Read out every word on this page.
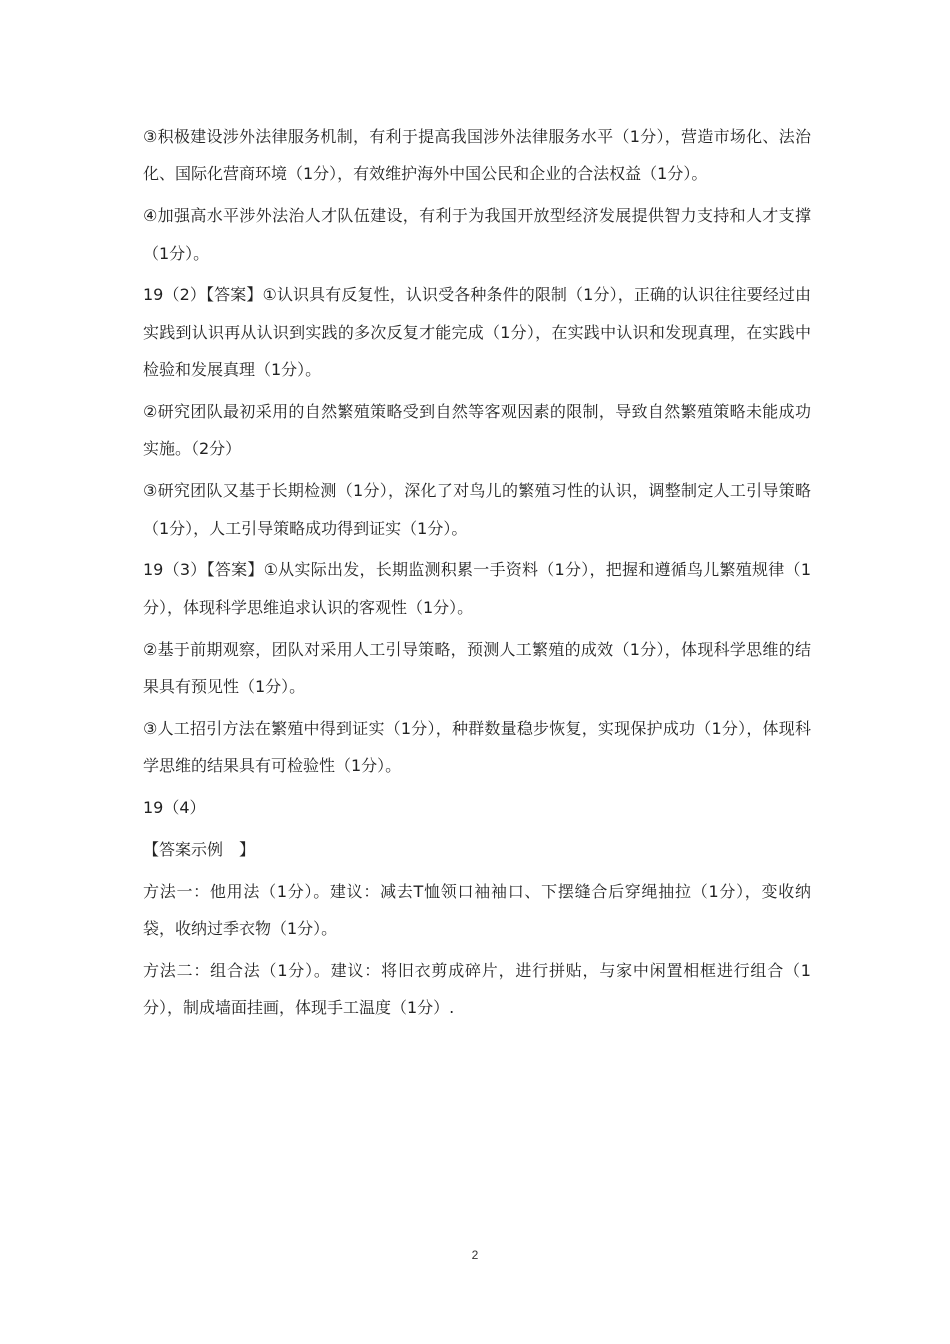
③积极建设涉外法律服务机制，有利于提高我国涉外法律服务水平（1分），营造市场化、法治化、国际化营商环境（1分），有效维护海外中国公民和企业的合法权益（1分）。

④加强高水平涉外法治人才队伍建设，有利于为我国开放型经济发展提供智力支持和人才支撑（1分）。

19（2）【答案】①认识具有反复性，认识受各种条件的限制（1分），正确的认识往往要经过由实践到认识再从认识到实践的多次反复才能完成（1分），在实践中认识和发现真理，在实践中检验和发展真理（1分）。

②研究团队最初采用的自然繁殖策略受到自然等客观因素的限制，导致自然繁殖策略未能成功实施。（2分）

③研究团队又基于长期检测（1分），深化了对鸟儿的繁殖习性的认识，调整制定人工引导策略（1分），人工引导策略成功得到证实（1分）。

19（3）【答案】①从实际出发，长期监测积累一手资料（1分），把握和遵循鸟儿繁殖规律（1分），体现科学思维追求认识的客观性（1分）。

②基于前期观察，团队对采用人工引导策略，预测人工繁殖的成效（1分），体现科学思维的结果具有预见性（1分）。

③人工招引方法在繁殖中得到证实（1分），种群数量稳步恢复，实现保护成功（1分），体现科学思维的结果具有可检验性（1分）。

19（4）

【答案示例　】

方法一：他用法（1分）。建议：减去T恤领口袖袖口、下摆缝合后穿绳抽拉（1分），变收纳袋，收纳过季衣物（1分）。

方法二：组合法（1分）。建议：将旧衣剪成碎片，进行拼贴，与家中闲置相框进行组合（1分），制成墙面挂画，体现手工温度（1分）.

2
